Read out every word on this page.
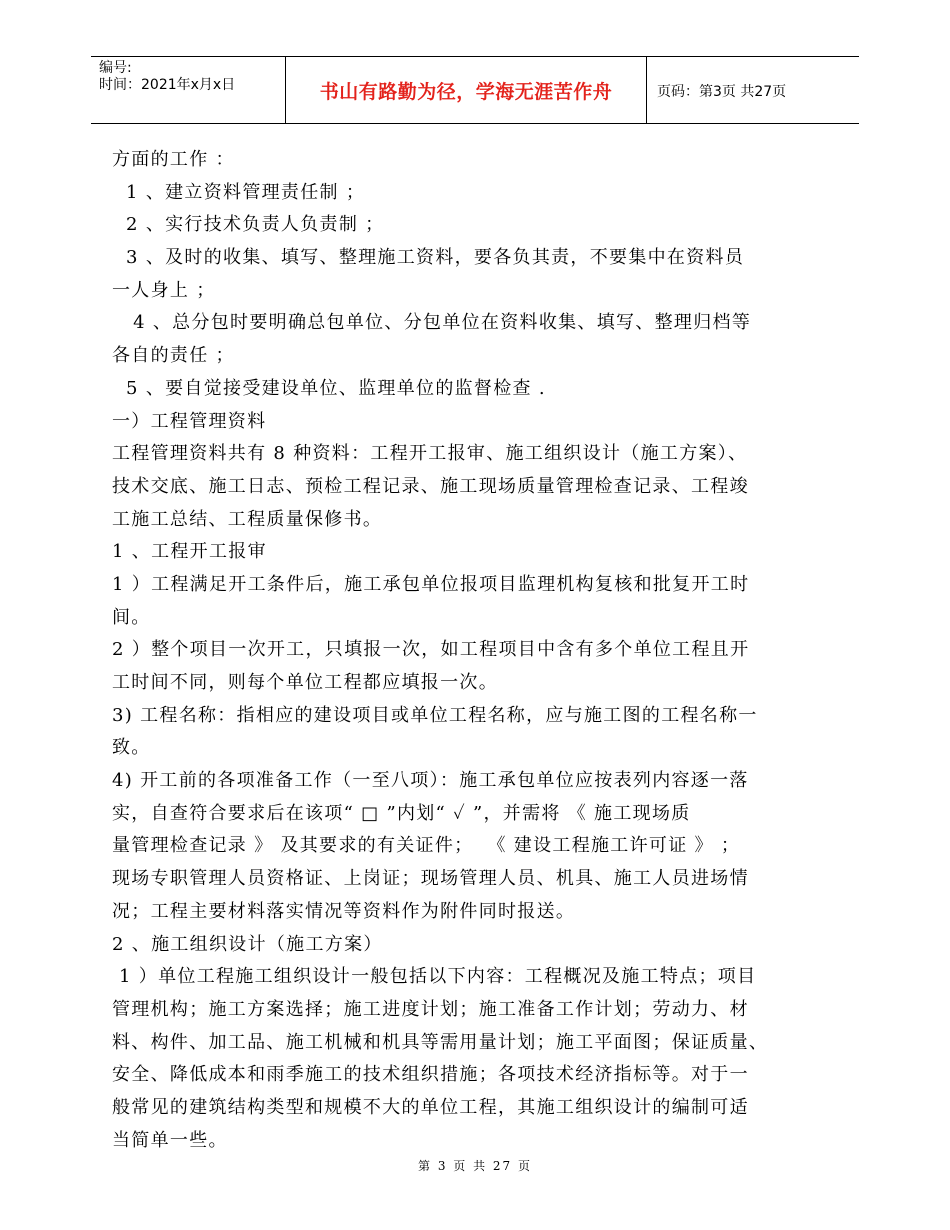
编号:
时间：2021年x月x日	书山有路勤为径，学海无涯苦作舟	页码：第3页 共27页
方面的工作 ：
1 、建立资料管理责任制 ；
2 、实行技术负责人负责制 ；
3 、及时的收集、填写、整理施工资料，要各负其责，不要集中在资料员
一人身上 ；
4 、总分包时要明确总包单位、分包单位在资料收集、填写、整理归档等
各自的责任 ；
5 、要自觉接受建设单位、监理单位的监督检查 .
一）工程管理资料
工程管理资料共有 8 种资料：工程开工报审、施工组织设计（施工方案）、
技术交底、施工日志、预检工程记录、施工现场质量管理检查记录、工程竣
工施工总结、工程质量保修书。
1 、工程开工报审
1 ）工程满足开工条件后，施工承包单位报项目监理机构复核和批复开工时
间。
2 ）整个项目一次开工，只填报一次，如工程项目中含有多个单位工程且开
工时间不同，则每个单位工程都应填报一次。
3) 工程名称：指相应的建设项目或单位工程名称，应与施工图的工程名称一
致。
4) 开工前的各项准备工作（一至八项）：施工承包单位应按表列内容逐一落
实，自查符合要求后在该项“ □ ”内划“ ✓ ”，并需将 《 施工现场质
量管理检查记录 》 及其要求的有关证件；  《 建设工程施工许可证 》 ；
现场专职管理人员资格证、上岗证；现场管理人员、机具、施工人员进场情
况；工程主要材料落实情况等资料作为附件同时报送。
2 、施工组织设计（施工方案）
1 ）单位工程施工组织设计一般包括以下内容：工程概况及施工特点；项目
管理机构；施工方案选择；施工进度计划；施工准备工作计划；劳动力、材
料、构件、加工品、施工机械和机具等需用量计划；施工平面图；保证质量、
安全、降低成本和雨季施工的技术组织措施；各项技术经济指标等。对于一
般常见的建筑结构类型和规模不大的单位工程，其施工组织设计的编制可适
当简单一些。
第 3 页 共 27 页
